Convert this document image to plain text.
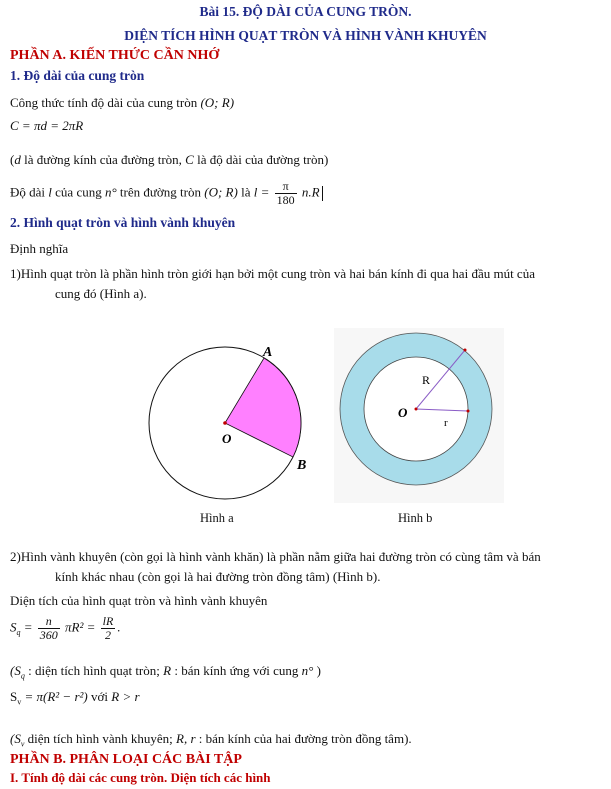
Bài 15. ĐỘ DÀI CỦA CUNG TRÒN.
DIỆN TÍCH HÌNH QUẠT TRÒN VÀ HÌNH VÀNH KHUYÊN
PHẦN A. KIẾN THỨC CẦN NHỚ
1. Độ dài của cung tròn
Công thức tính độ dài của cung tròn (O; R)
C = πd = 2πR
(d là đường kính của đường tròn, C là độ dài của đường tròn)
Độ dài l của cung n° trên đường tròn (O; R) là $l = \frac{\pi}{180} n.R$
2. Hình quạt tròn và hình vành khuyên
Định nghĩa
1)Hình quạt tròn là phần hình tròn giới hạn bởi một cung tròn và hai bán kính đi qua hai đầu mút của
cung đó (Hình a).
A
B
O
Hình a
R
r
O
Hình b
2)Hình vành khuyên (còn gọi là hình vành khăn) là phần nằm giữa hai đường tròn có cùng tâm và bán
kính khác nhau (còn gọi là hai đường tròn đồng tâm) (Hình b).
Diện tích của hình quạt tròn và hình vành khuyên
$S_q = \frac{n}{360} \pi R^2 = \frac{lR}{2}$ .
($S_q$ : diện tích hình quạt tròn; R : bán kính ứng với cung n° )
$S_v = \pi(R^2 - r^2)$ với R > r
($S_v$ diện tích hình vành khuyên; R, r : bán kính của hai đường tròn đồng tâm).
PHẦN B. PHÂN LOẠI CÁC BÀI TẬP
I. Tính độ dài các cung tròn. Diện tích các hình
